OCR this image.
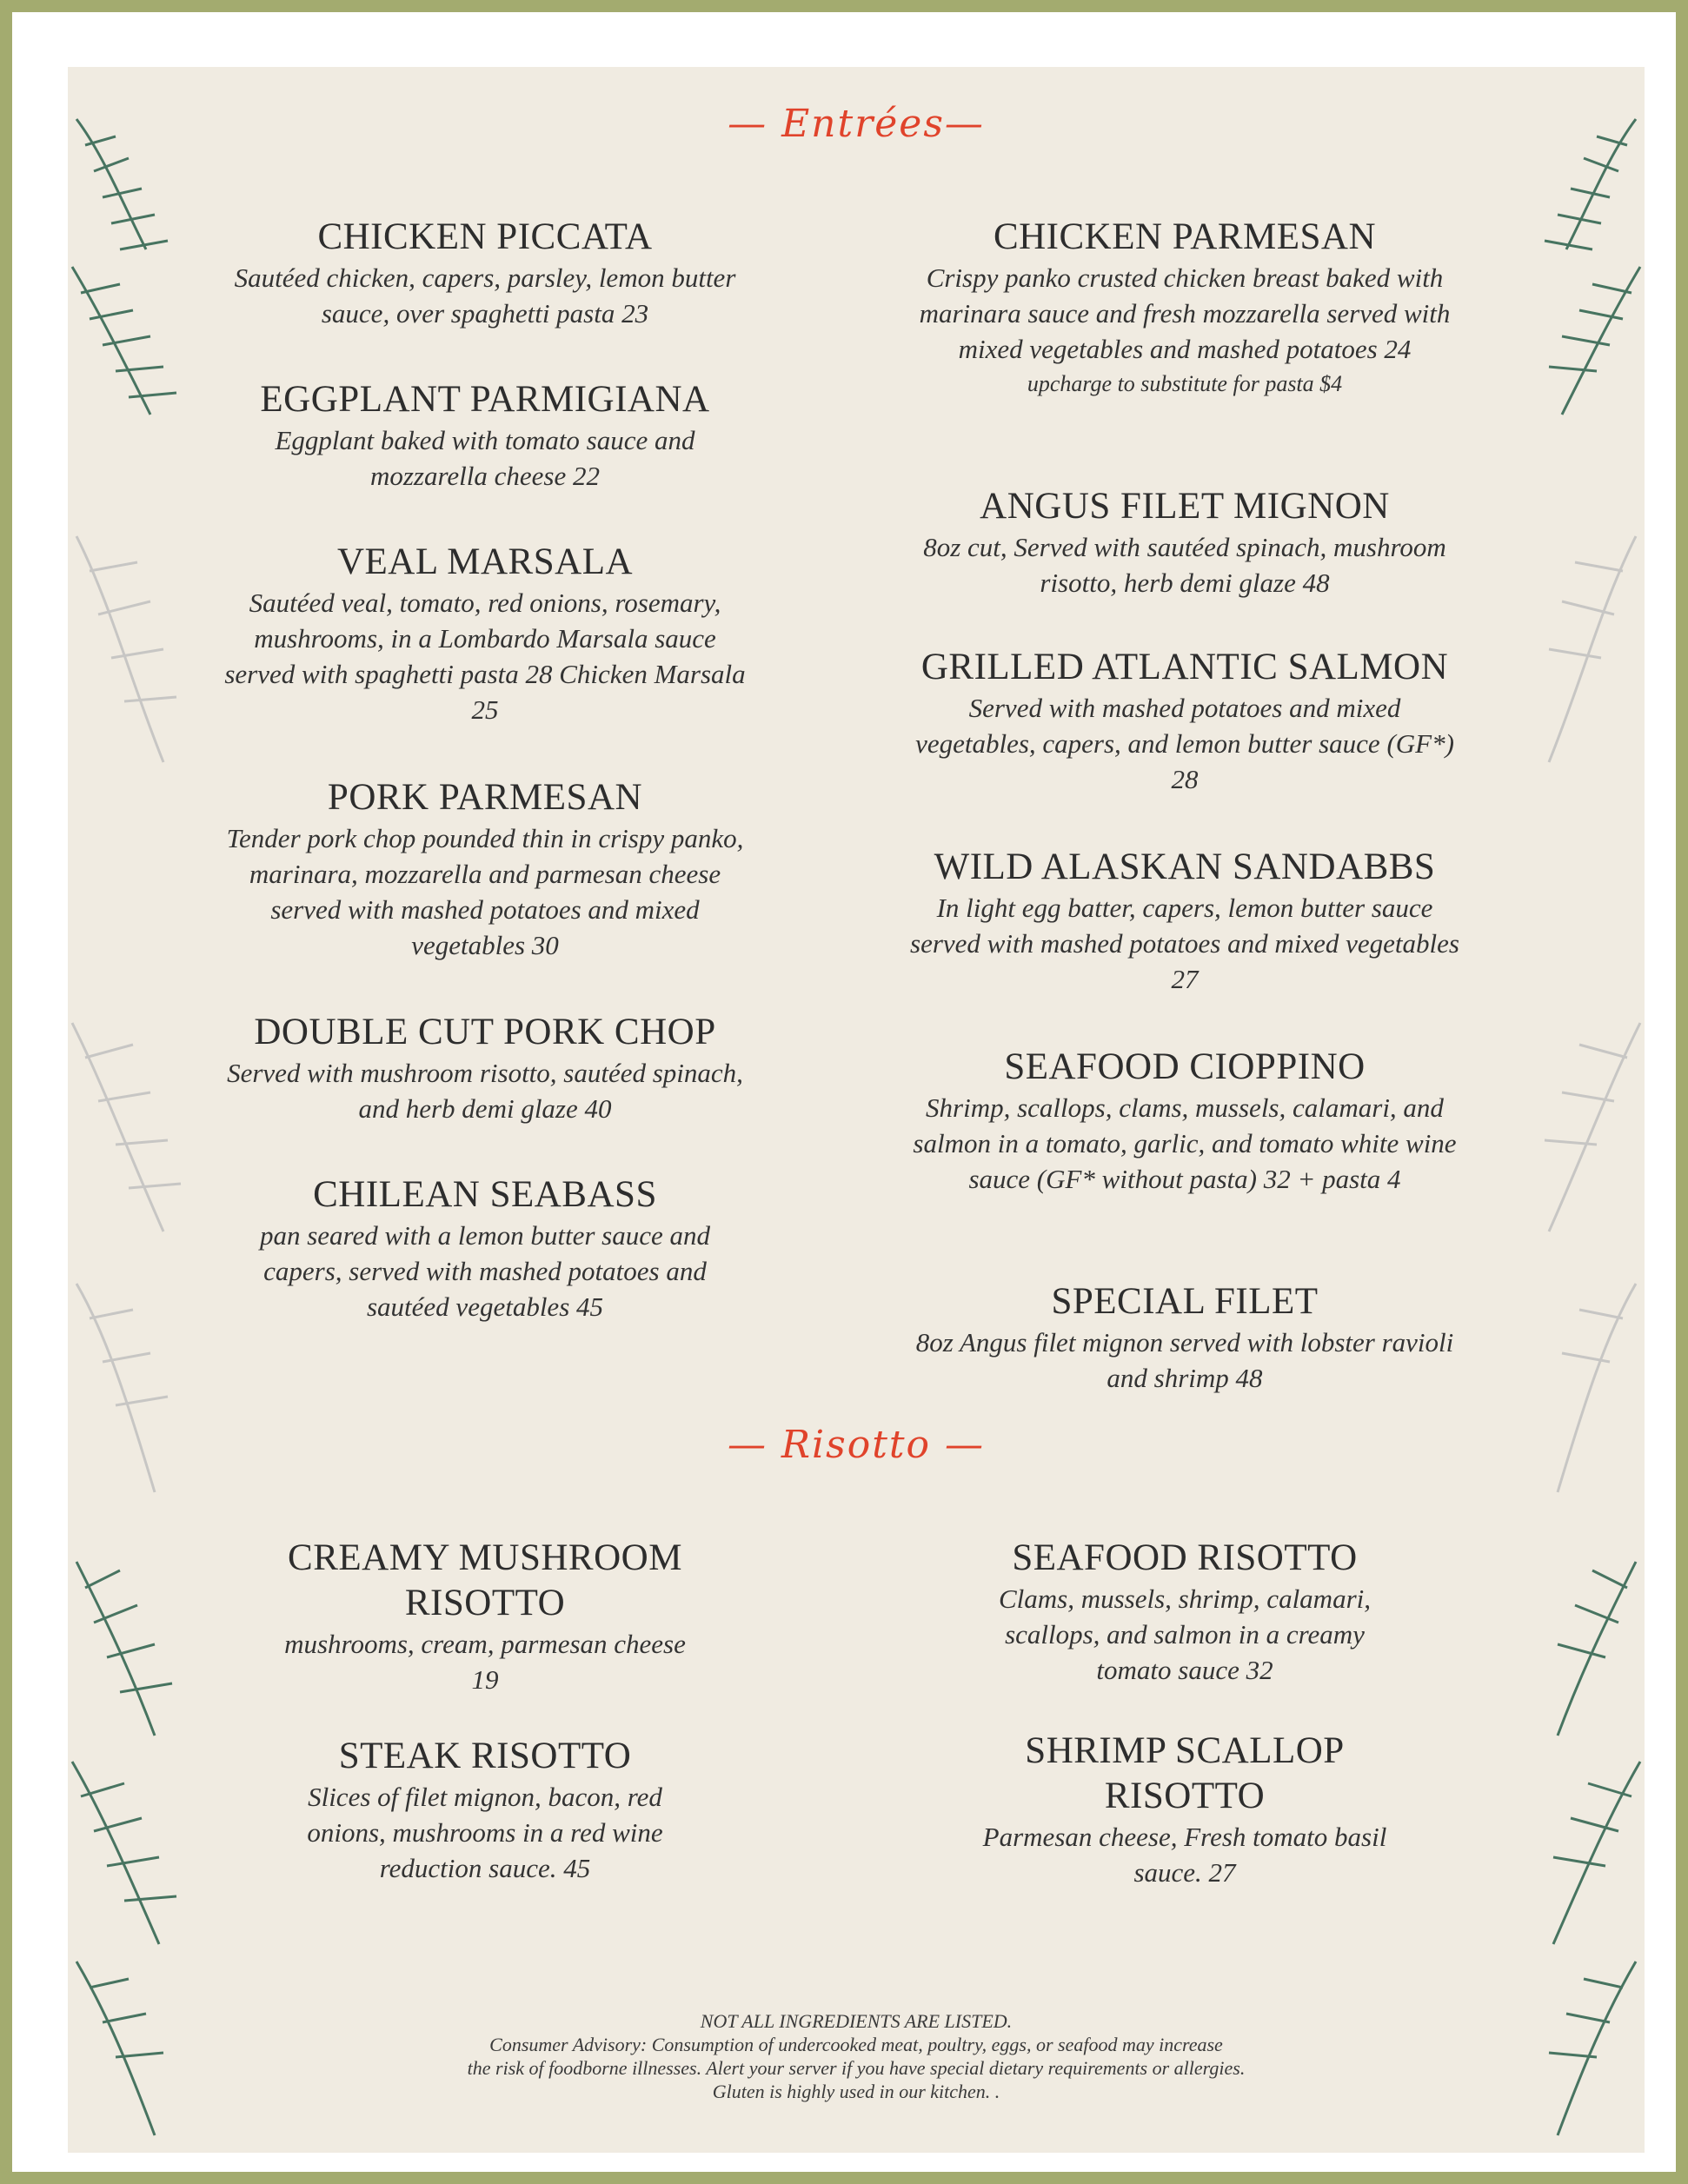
— Entrées—
CHICKEN PICCATA
Sautéed chicken, capers, parsley, lemon butter sauce, over spaghetti pasta 23
EGGPLANT PARMIGIANA
Eggplant baked with tomato sauce and mozzarella cheese 22
VEAL MARSALA
Sautéed veal, tomato, red onions, rosemary, mushrooms, in a Lombardo Marsala sauce served with spaghetti pasta 28 Chicken Marsala 25
PORK PARMESAN
Tender pork chop pounded thin in crispy panko, marinara, mozzarella and parmesan cheese served with mashed potatoes and mixed vegetables 30
DOUBLE CUT PORK CHOP
Served with mushroom risotto, sautéed spinach, and herb demi glaze 40
CHILEAN SEABASS
pan seared with a lemon butter sauce and capers, served with mashed potatoes and sautéed vegetables 45
CHICKEN PARMESAN
Crispy panko crusted chicken breast baked with marinara sauce and fresh mozzarella served with mixed vegetables and mashed potatoes 24
upcharge to substitute for pasta $4
ANGUS FILET MIGNON
8oz cut, Served with sautéed spinach, mushroom risotto, herb demi glaze 48
GRILLED ATLANTIC SALMON
Served with mashed potatoes and mixed vegetables, capers, and lemon butter sauce (GF*) 28
WILD ALASKAN SANDABBS
In light egg batter, capers, lemon butter sauce served with mashed potatoes and mixed vegetables 27
SEAFOOD CIOPPINO
Shrimp, scallops, clams, mussels, calamari, and salmon in a tomato, garlic, and tomato white wine sauce (GF* without pasta) 32 + pasta 4
SPECIAL FILET
8oz Angus filet mignon served with lobster ravioli and shrimp 48
— Risotto —
CREAMY MUSHROOM RISOTTO
mushrooms, cream, parmesan cheese 19
STEAK RISOTTO
Slices of filet mignon, bacon, red onions, mushrooms in a red wine reduction sauce. 45
SEAFOOD RISOTTO
Clams, mussels, shrimp, calamari, scallops, and salmon in a creamy tomato sauce 32
SHRIMP SCALLOP RISOTTO
Parmesan cheese, Fresh tomato basil sauce. 27
NOT ALL INGREDIENTS ARE LISTED.
Consumer Advisory: Consumption of undercooked meat, poultry, eggs, or seafood may increase
the risk of foodborne illnesses. Alert your server if you have special dietary requirements or allergies.
Gluten is highly used in our kitchen. .
